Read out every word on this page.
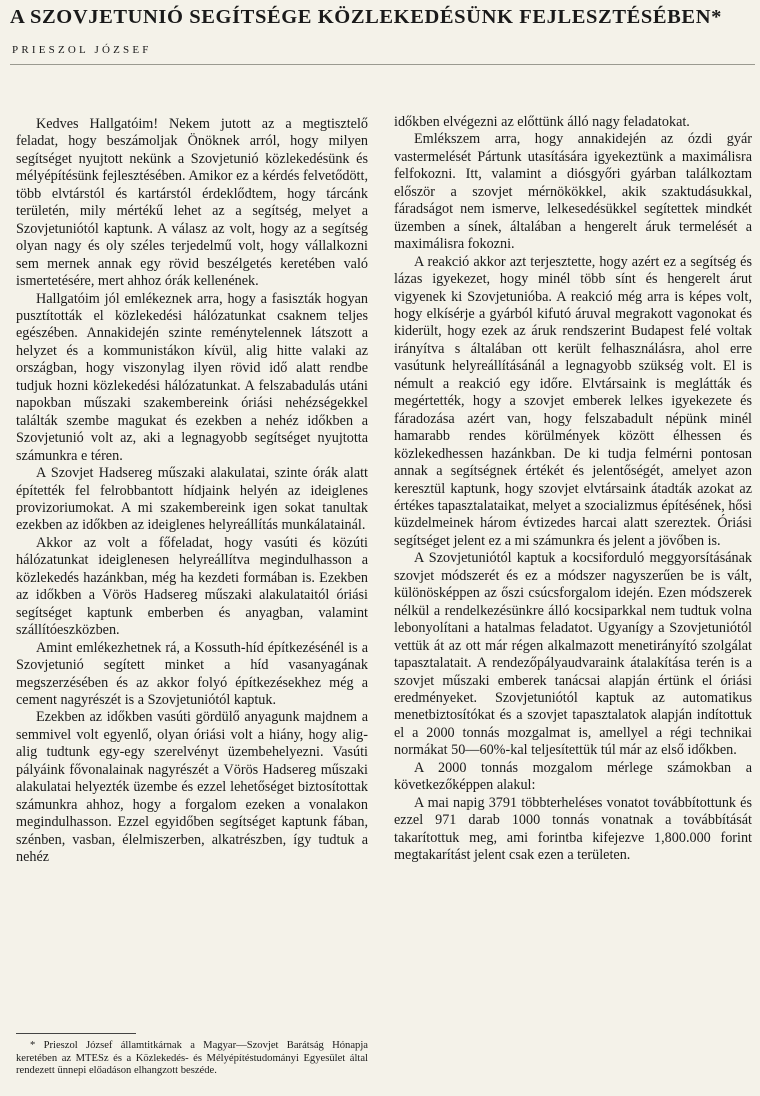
A SZOVJETUNIÓ SEGÍTSÉGE KÖZLEKEDÉSÜNK FEJLESZTÉSÉBEN*
PRIESZOL JÓZSEF

Kedves Hallgatóim! Nekem jutott az a megtisztelő feladat, hogy beszámoljak Önöknek arról, hogy milyen segítséget nyujtott nekünk a Szovjetunió közlekedésünk és mélyépítésünk fejlesztésében. Amikor ez a kérdés felvetődött, több elvtárstól és kartárstól érdeklődtem, hogy tárcánk területén, mily mértékű lehet az a segítség, melyet a Szovjetuniótól kaptunk. A válasz az volt, hogy az a segítség olyan nagy és oly széles terjedelmű volt, hogy vállalkozni sem mernek annak egy rövid beszélgetés keretében való ismertetésére, mert ahhoz órák kellenének.

Hallgatóim jól emlékeznek arra, hogy a fasiszták hogyan pusztították el közlekedési hálózatunkat csaknem teljes egészében. Annakidején szinte reménytelennek látszott a helyzet és a kommunistákon kívül, alig hitte valaki az országban, hogy viszonylag ilyen rövid idő alatt rendbe tudjuk hozni közlekedési hálózatunkat. A felszabadulás utáni napokban műszaki szakembereink óriási nehézségekkel találták szembe magukat és ezekben a nehéz időkben a Szovjetunió volt az, aki a legnagyobb segítséget nyujtotta számunkra e téren.

A Szovjet Hadsereg műszaki alakulatai, szinte órák alatt építették fel felrobbantott hídjaink helyén az ideiglenes provizoriumokat. A mi szakembereink igen sokat tanultak ezekben az időkben az ideiglenes helyreállítás munkálatainál.

Akkor az volt a főfeladat, hogy vasúti és közúti hálózatunkat ideiglenesen helyreállítva megindulhasson a közlekedés hazánkban, még ha kezdeti formában is. Ezekben az időkben a Vörös Hadsereg műszaki alakulataitól óriási segítséget kaptunk emberben és anyagban, valamint szállítóeszközben.

Amint emlékezhetnek rá, a Kossuth-híd építkezésénél is a Szovjetunió segített minket a híd vasanyagának megszerzésében és az akkor folyó építkezésekhez még a cement nagyrészét is a Szovjetuniótól kaptuk.

Ezekben az időkben vasúti gördülő anyagunk majdnem a semmivel volt egyenlő, olyan óriási volt a hiány, hogy alig-alig tudtunk egy-egy szerelvényt üzembehelyezni. Vasúti pályáink fővonalainak nagyrészét a Vörös Hadsereg műszaki alakulatai helyezték üzembe és ezzel lehetőséget biztosítottak számunkra ahhoz, hogy a forgalom ezeken a vonalakon megindulhasson. Ezzel egyidőben segítséget kaptunk fában, szénben, vasban, élelmiszerben, alkatrészben, így tudtuk a nehéz

időkben elvégezni az előttünk álló nagy feladatokat.

Emlékszem arra, hogy annakidején az ózdi gyár vastermelését Pártunk utasítására igyekeztünk a maximálisra felfokozni. Itt, valamint a diósgyőri gyárban találkoztam először a szovjet mérnökökkel, akik szaktudásukkal, fáradságot nem ismerve, lelkesedésükkel segítettek mindkét üzemben a sínek, általában a hengerelt áruk termelését a maximálisra fokozni.

A reakció akkor azt terjesztette, hogy azért ez a segítség és lázas igyekezet, hogy minél több sínt és hengerelt árut vigyenek ki Szovjetunióba. A reakció még arra is képes volt, hogy elkísérje a gyárból kifutó áruval megrakott vagonokat és kiderült, hogy ezek az áruk rendszerint Budapest felé voltak irányítva s általában ott került felhasználásra, ahol erre vasútunk helyreállításánál a legnagyobb szükség volt. El is némult a reakció egy időre. Elvtársaink is meglátták és megértették, hogy a szovjet emberek lelkes igyekezete és fáradozása azért van, hogy felszabadult népünk minél hamarabb rendes körülmények között élhessen és közlekedhessen hazánkban. De ki tudja felmérni pontosan annak a segítségnek értékét és jelentőségét, amelyet azon keresztül kaptunk, hogy szovjet elvtársaink átadták azokat az értékes tapasztalataikat, melyet a szocializmus építésének, hősi küzdelmeinek három évtizedes harcai alatt szereztek. Óriási segítséget jelent ez a mi számunkra és jelent a jövőben is.

A Szovjetuniótól kaptuk a kocsiforduló meggyorsításának szovjet módszerét és ez a módszer nagyszerűen be is vált, különösképpen az őszi csúcsforgalom idején. Ezen módszerek nélkül a rendelkezésünkre álló kocsiparkkal nem tudtuk volna lebonyolítani a hatalmas feladatot. Ugyanígy a Szovjetuniótól vettük át az ott már régen alkalmazott menetirányító szolgálat tapasztalatait. A rendezőpályaudvaraink átalakítása terén is a szovjet műszaki emberek tanácsai alapján értünk el óriási eredményeket. Szovjetuniótól kaptuk az automatikus menetbiztosítókat és a szovjet tapasztalatok alapján indítottuk el a 2000 tonnás mozgalmat is, amellyel a régi technikai normákat 50—60%-kal teljesítettük túl már az első időkben.

A 2000 tonnás mozgalom mérlege számokban a következőképpen alakul:

A mai napig 3791 többterheléses vonatot továbbítottunk és ezzel 971 darab 1000 tonnás vonatnak a továbbítását takarítottuk meg, ami forintba kifejezve 1,800.000 forint megtakarítást jelent csak ezen a területen.

* Prieszol József államtitkárnak a Magyar—Szovjet Barátság Hónapja keretében az MTESz és a Közlekedés- és Mélyépítéstudományi Egyesület által rendezett ünnepi előadáson elhangzott beszéde.
